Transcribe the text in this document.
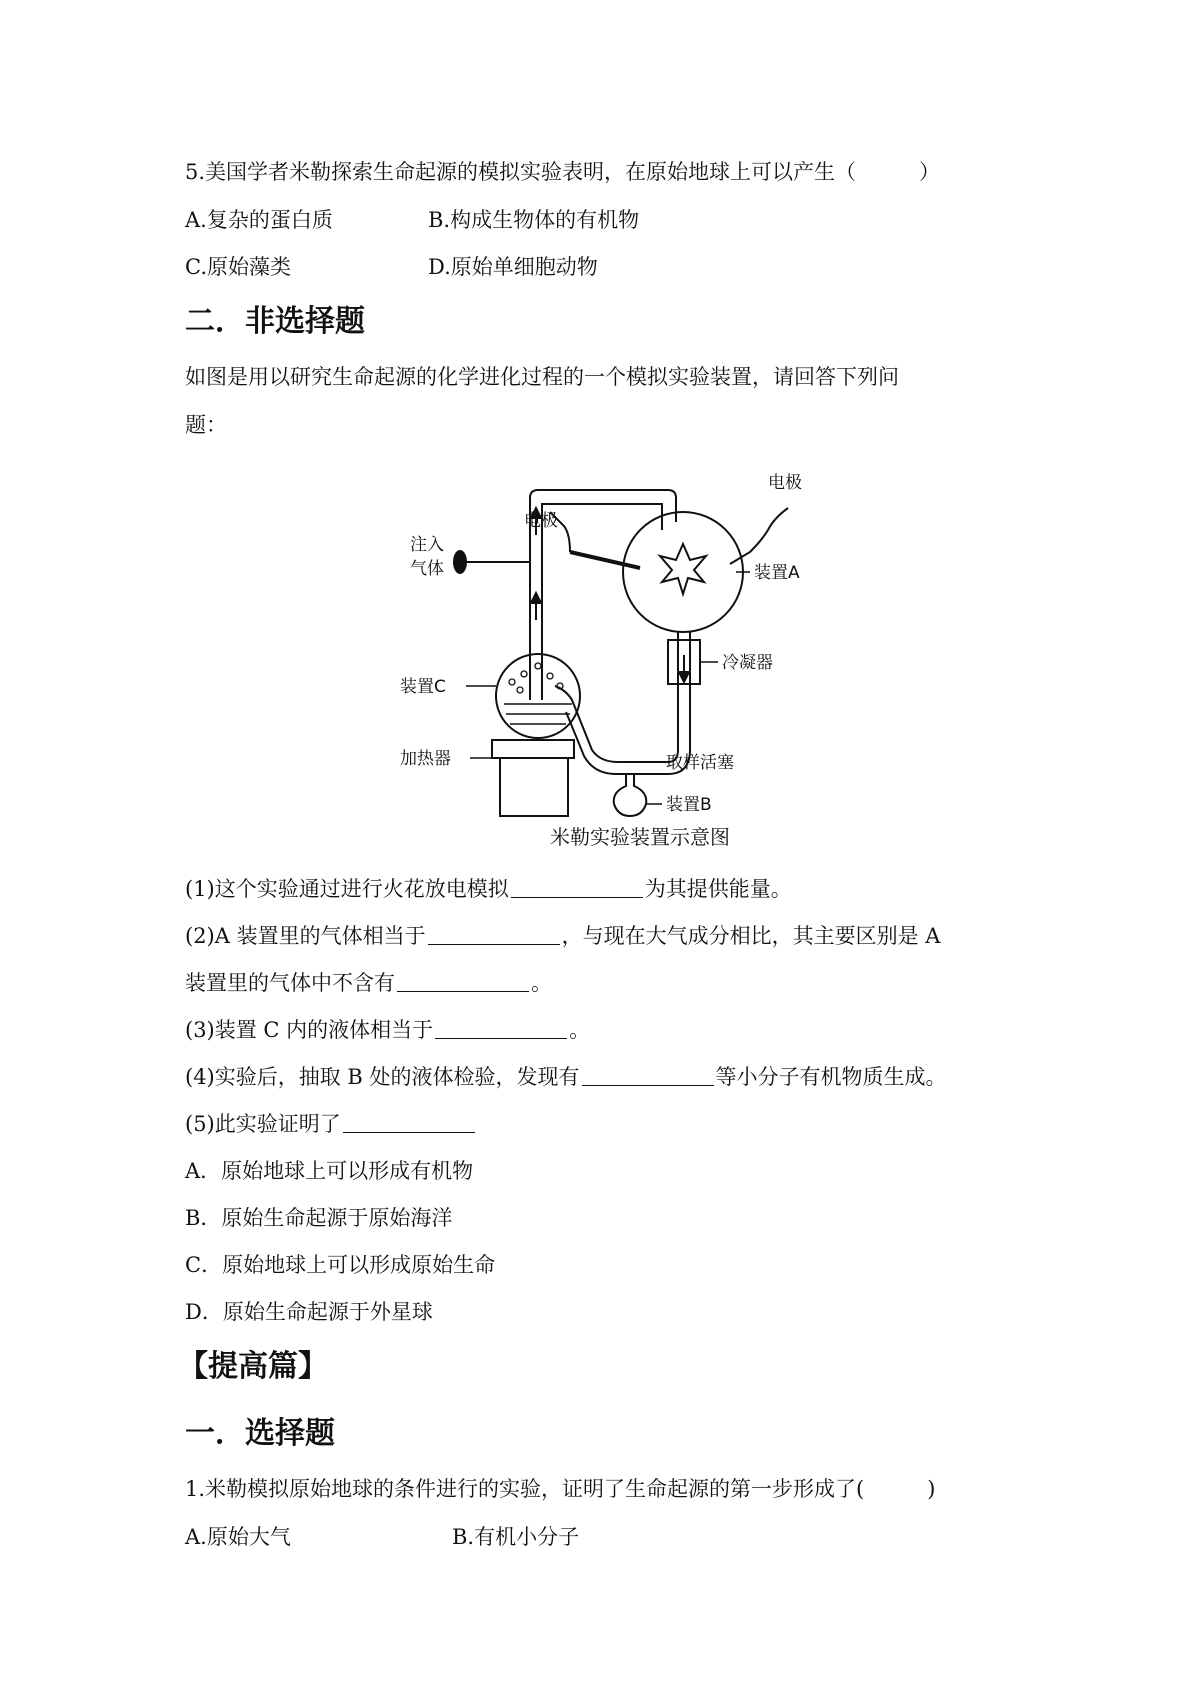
5.美国学者米勒探索生命起源的模拟实验表明，在原始地球上可以产生（　　　）
A.复杂的蛋白质	B.构成生物体的有机物
C.原始藻类	D.原始单细胞动物
二．非选择题
如图是用以研究生命起源的化学进化过程的一个模拟实验装置，请回答下列问
题：
电极
电极
注入
气体	装置A
冷凝器
装置C
取样活塞
加热器
装置B
米勒实验装置示意图
(1)这个实验通过进行火花放电模拟	为其提供能量。
(2)A 装置里的气体相当于	，与现在大气成分相比，其主要区别是 A
装置里的气体中不含有	。
(3)装置 C 内的液体相当于	。
(4)实验后，抽取 B 处的液体检验，发现有	等小分子有机物质生成。
(5)此实验证明了
A．原始地球上可以形成有机物
B．原始生命起源于原始海洋
C．原始地球上可以形成原始生命
D．原始生命起源于外星球
【提高篇】
一．选择题
1.米勒模拟原始地球的条件进行的实验，证明了生命起源的第一步形成了(　　　)
A.原始大气	B.有机小分子
